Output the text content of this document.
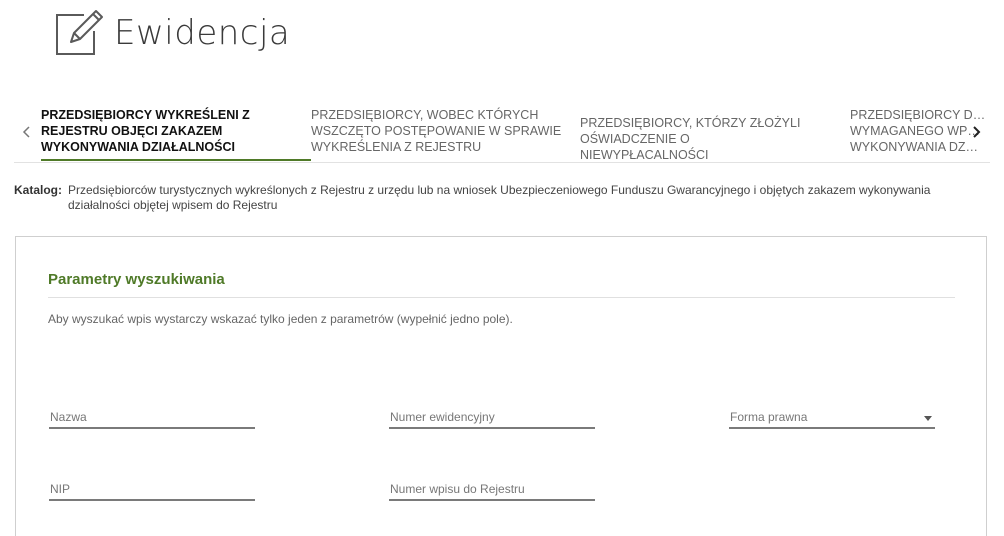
Ewidencja
PRZEDSIĘBIORCY WYKREŚLENI Z REJESTRU OBJĘCI ZAKAZEM WYKONYWANIA DZIAŁALNOŚCI
PRZEDSIĘBIORCY, WOBEC KTÓRYCH WSZCZĘTO POSTĘPOWANIE W SPRAWIE WYKREŚLENIA Z REJESTRU
PRZEDSIĘBIORCY, KTÓRZY ZŁOŻYLI OŚWIADCZENIE O NIEWYPŁACALNOŚCI
PRZEDSIĘBIORCY D… WYMAGANEGO WP… WYKONYWANIA DZ…
Katalog: Przedsiębiorców turystycznych wykreślonych z Rejestru z urzędu lub na wniosek Ubezpieczeniowego Funduszu Gwarancyjnego i objętych zakazem wykonywania działalności objętej wpisem do Rejestru
Parametry wyszukiwania
Aby wyszukać wpis wystarczy wskazać tylko jeden z parametrów (wypełnić jedno pole).
Nazwa	Numer ewidencyjny	Forma prawna
NIP	Numer wpisu do Rejestru
